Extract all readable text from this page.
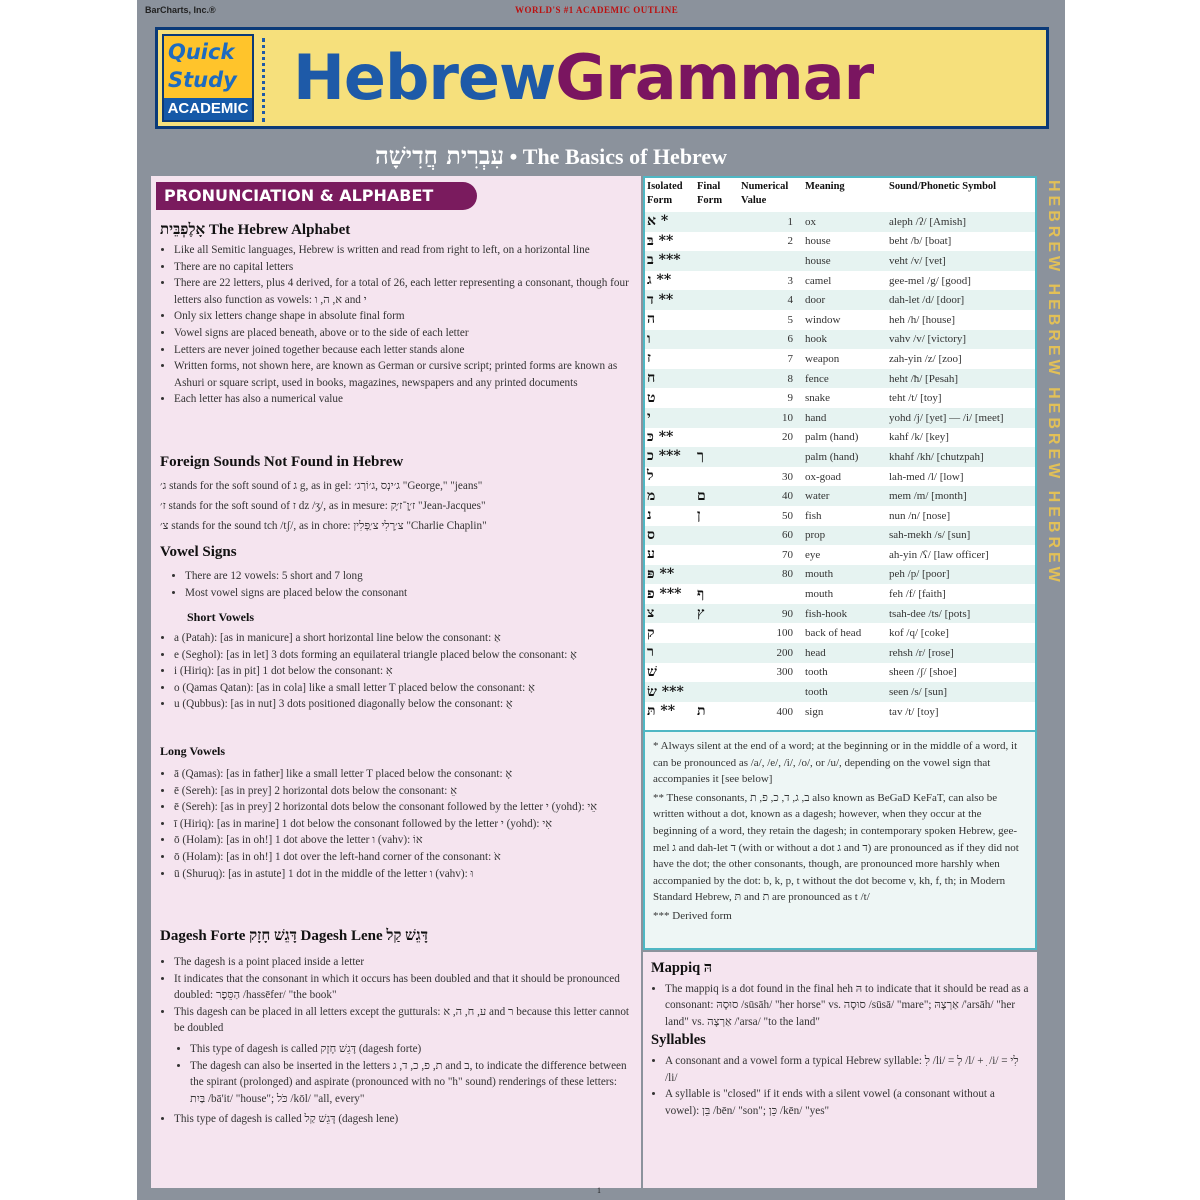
BarCharts, Inc.®	WORLD'S #1 ACADEMIC OUTLINE
Quick
Study
ACADEMIC HebrewGrammar
עִבְרִית חֲדִישָׁה • The Basics of Hebrew
HEBREW HEBREW HEBREW HEBREW
PRONUNCIATION & ALPHABET
אָלֶפְבֵּית The Hebrew Alphabet
• Like all Semitic languages, Hebrew is written and read from right to left, on a horizontal line
• There are no capital letters
• There are 22 letters, plus 4 derived, for a total of 26, each letter representing a consonant, though four letters also function as vowels: א, ה, ו and י
• Only six letters change shape in absolute final form
• Vowel signs are placed beneath, above or to the side of each letter
• Letters are never joined together because each letter stands alone
• Written forms, not shown here, are known as German or cursive script; printed forms are known as Ashuri or square script, used in books, magazines, newspapers and any printed documents
• Each letter has also a numerical value
Foreign Sounds Not Found in Hebrew
ג׳ stands for the soft sound of ג g, as in gel: ג׳ינְס ,ג׳וֹרְג׳ "George," "jeans"
ז׳ stands for the soft sound of ז dz /ʒ/, as in mesure: ז׳ָן־ז׳ָק "Jean-Jacques"
צ׳ stands for the sound tch /tʃ/, as in chore: צ׳ַרְלִי צ׳ַפְּלִין "Charlie Chaplin"
Vowel Signs
• There are 12 vowels: 5 short and 7 long
• Most vowel signs are placed below the consonant
Short Vowels
• a (Patah): [as in manicure] a short horizontal line below the consonant: אַ
• e (Seghol): [as in let] 3 dots forming an equilateral triangle placed below the consonant: אֶ
• i (Hiriq): [as in pit] 1 dot below the consonant: אִ
• o (Qamas Qatan): [as in cola] like a small letter T placed below the consonant: אָ
• u (Qubbus): [as in nut] 3 dots positioned diagonally below the consonant: אֻ
Long Vowels
• ā (Qamas): [as in father] like a small letter T placed below the consonant: אָ
• ē (Sereh): [as in prey] 2 horizontal dots below the consonant: אֵ
• ē (Sereh): [as in prey] 2 horizontal dots below the consonant followed by the letter י (yohd): אֵי
• ī (Hiriq): [as in marine] 1 dot below the consonant followed by the letter י (yohd): אִי
• ō (Holam): [as in oh!] 1 dot above the letter ו (vahv): אוֹ
• ō (Holam): [as in oh!] 1 dot over the left-hand corner of the consonant: אֹ
• ū (Shuruq): [as in astute] 1 dot in the middle of the letter ו (vahv): וּ
Dagesh Forte דָּגֵשׁ חָזָק Dagesh Lene דָּגֵשׁ קַל
• The dagesh is a point placed inside a letter
• It indicates that the consonant in which it occurs has been doubled and that it should be pronounced doubled: הַסֵּפֶר /hassēfer/ "the book"
• This dagesh can be placed in all letters except the gutturals: ע, ח, ה, א and ר because this letter cannot be doubled
• This type of dagesh is called דָּגֵשׁ חָזָק (dagesh forte)
• The dagesh can also be inserted in the letters ת, פ, כ, ד, ג and ב, to indicate the difference between the spirant (prolonged) and aspirate (pronounced with no "h" sound) renderings of these letters: בַּיִת /bā'it/ "house"; כֹּל /kōl/ "all, every"
• This type of dagesh is called דָּגֵשׁ קַל (dagesh lene)
Isolated Form	Final Form	Numerical Value	Meaning	Sound/Phonetic Symbol
א *		1	ox	aleph /ʔ/ [Amish]
בּ **		2	house	beht /b/ [boat]
ב ***			house	veht /v/ [vet]
ג **		3	camel	gee-mel /g/ [good]
ד **		4	door	dah-let /d/ [door]
ה		5	window	heh /h/ [house]
ו		6	hook	vahv /v/ [victory]
ז		7	weapon	zah-yin /z/ [zoo]
ח		8	fence	heht /ħ/ [Pesah]
ט		9	snake	teht /t/ [toy]
י		10	hand	yohd /j/ [yet] — /i/ [meet]
כּ **		20	palm (hand)	kahf /k/ [key]
כ ***	ך		palm (hand)	khahf /kh/ [chutzpah]
ל		30	ox-goad	lah-med /l/ [low]
מ	ם	40	water	mem /m/ [month]
נ	ן	50	fish	nun /n/ [nose]
ס		60	prop	sah-mekh /s/ [sun]
ע		70	eye	ah-yin /ʕ/ [law officer]
פּ **		80	mouth	peh /p/ [poor]
פ ***	ף		mouth	feh /f/ [faith]
צ	ץ	90	fish-hook	tsah-dee /ts/ [pots]
ק		100	back of head	kof /q/ [coke]
ר		200	head	rehsh /r/ [rose]
שׁ		300	tooth	sheen /ʃ/ [shoe]
שׂ ***			tooth	seen /s/ [sun]
תּ **	ת	400	sign	tav /t/ [toy]

* Always silent at the end of a word; at the beginning or in the middle of a word, it can be pronounced as /a/, /e/, /i/, /o/, or /u/, depending on the vowel sign that accompanies it [see below]

** These consonants, ב, ג, ד, כ, פ, ת also known as BeGaD KeFaT, can also be written without a dot, known as a dagesh; however, when they occur at the beginning of a word, they retain the dagesh; in contemporary spoken Hebrew, gee-mel ג and dah-let ד (with or without a dot ג and ד) are pronounced as if they did not have the dot; the other consonants, though, are pronounced more harshly when accompanied by the dot: b, k, p, t without the dot become v, kh, f, th; in Modern Standard Hebrew, תּ and ת are pronounced as t /t/

*** Derived form

Mappiq הּ
• The mappiq is a dot found in the final heh הּ to indicate that it should be read as a consonant: סוּסָהּ /sūsāh/ "her horse" vs. סוּסָה /sūsā/ "mare"; אַרְצָהּ /'arsāh/ "her land" vs. אַרְצָה /'arsa/ "to the land"
Syllables
• A consonant and a vowel form a typical Hebrew syllable: לִ /li/ = לְ /l/ + ִ /i/ = לִי /li/
• A syllable is "closed" if it ends with a silent vowel (a consonant without a vowel): בֵּן /bēn/ "son"; כֵּן /kēn/ "yes"
1
